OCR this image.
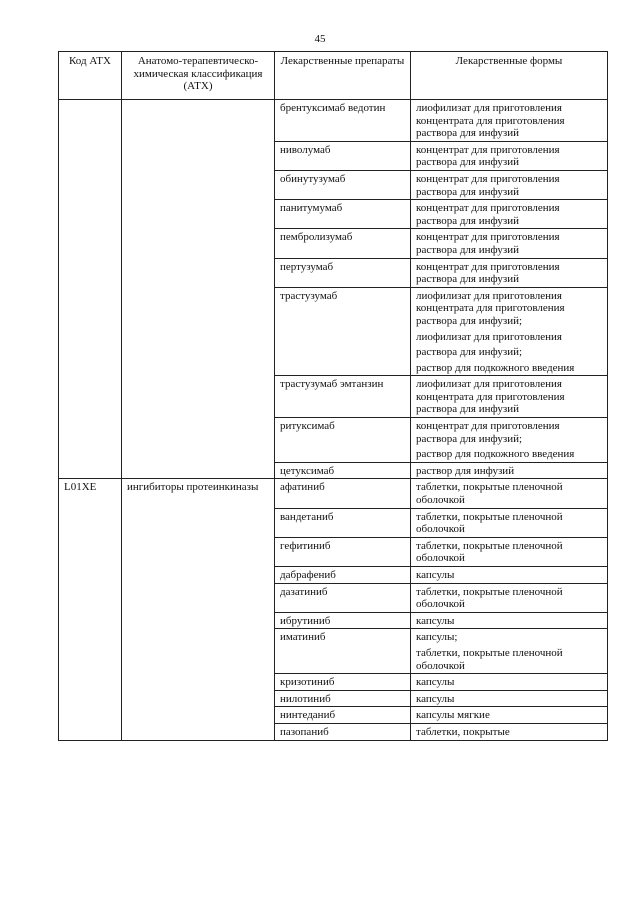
45
Код АТХ	Анатомо-терапевтическо-химическая классификация (АТХ)	Лекарственные препараты	Лекарственные формы
		брентуксимаб ведотин	лиофилизат для приготовления концентрата для приготовления раствора для инфузий

		ниволумаб	концентрат для приготовления раствора для инфузий

		обинутузумаб	концентрат для приготовления раствора для инфузий

		панитумумаб	концентрат для приготовления раствора для инфузий

		пембролизумаб	концентрат для приготовления раствора для инфузий

		пертузумаб	концентрат для приготовления раствора для инфузий

		трастузумаб	лиофилизат для приготовления концентрата для приготовления раствора для инфузий;
лиофилизат для приготовления
раствора для инфузий;
раствор для подкожного введения

		трастузумаб эмтанзин	лиофилизат для приготовления концентрата для приготовления раствора для инфузий

		ритуксимаб	концентрат для приготовления раствора для инфузий;
раствор для подкожного введения

		цетуксимаб	раствор для инфузий

L01XE	ингибиторы протеинкиназы	афатиниб	таблетки, покрытые пленочной оболочкой

		вандетаниб	таблетки, покрытые пленочной оболочкой

		гефитиниб	таблетки, покрытые пленочной оболочкой

		дабрафениб	капсулы

		дазатиниб	таблетки, покрытые пленочной оболочкой

		ибрутиниб	капсулы

		иматиниб	капсулы;
таблетки, покрытые пленочной оболочкой

		кризотиниб	капсулы

		нилотиниб	капсулы

		нинтеданиб	капсулы мягкие

		пазопаниб	таблетки, покрытые
